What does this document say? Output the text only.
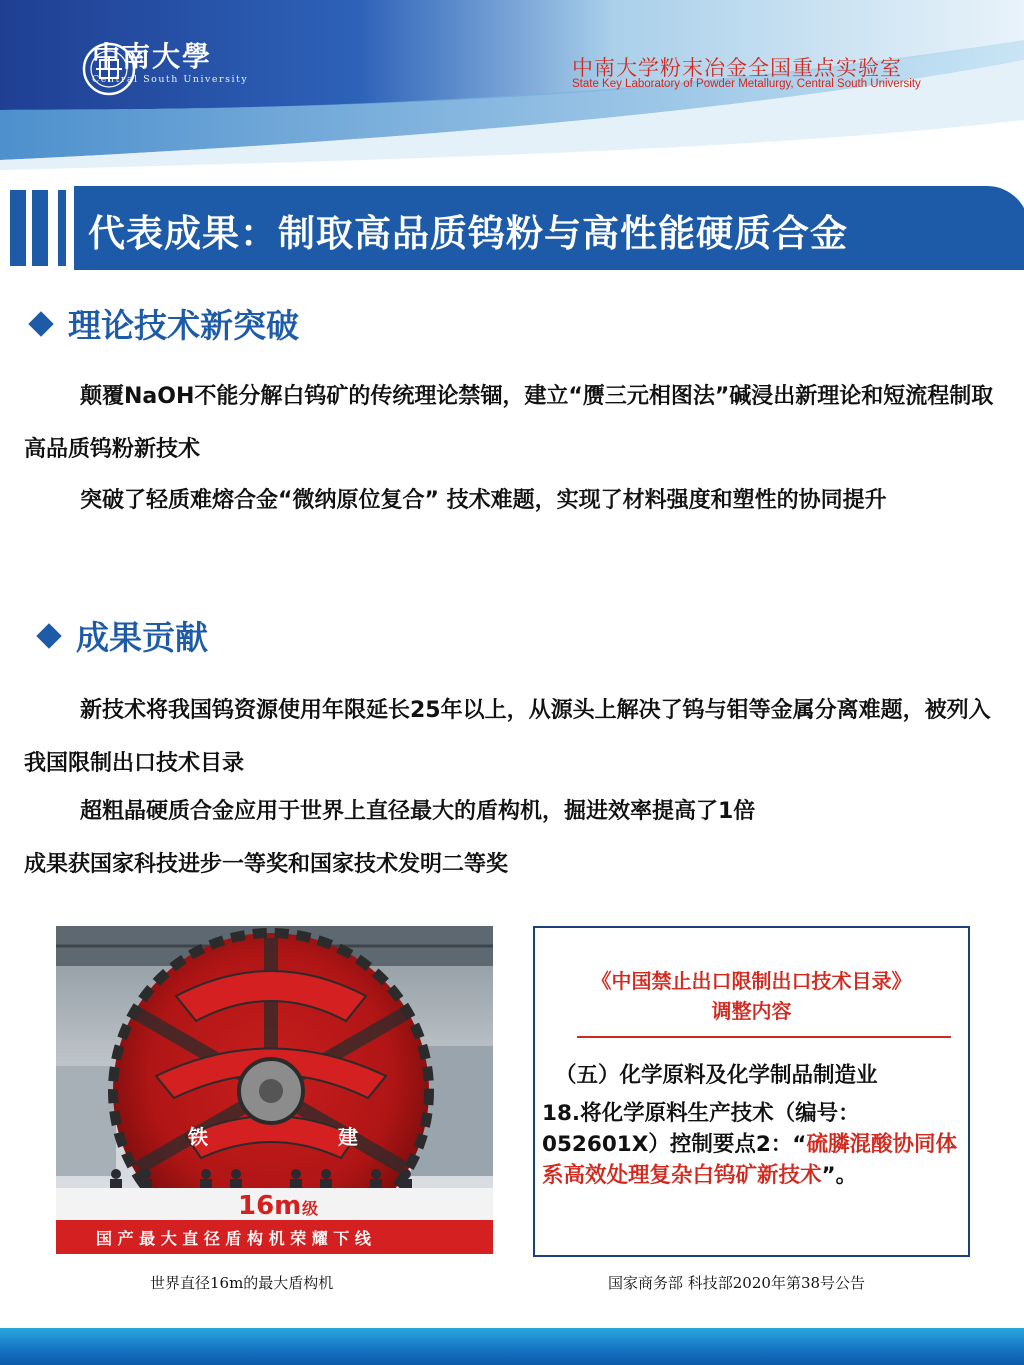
中南大學
Central South University	中南大学粉末冶金全国重点实验室
State Key Laboratory of Powder Metallurgy, Central South University
代表成果：制取高品质钨粉与高性能硬质合金
理论技术新突破
颠覆NaOH不能分解白钨矿的传统理论禁锢，建立“赝三元相图法”碱浸出新理论和短流程制取高品质钨粉新技术
突破了轻质难熔合金“微纳原位复合” 技术难题，实现了材料强度和塑性的协同提升
成果贡献
新技术将我国钨资源使用年限延长25年以上，从源头上解决了钨与钼等金属分离难题，被列入我国限制出口技术目录
超粗晶硬质合金应用于世界上直径最大的盾构机，掘进效率提高了1倍
成果获国家科技进步一等奖和国家技术发明二等奖
铁	建
16m 级
国 产 最 大 直 径 盾 构 机 荣 耀 下 线
世界直径16m的最大盾构机
《中国禁止出口限制出口技术目录》
调整内容
（五）化学原料及化学制品制造业
18.将化学原料生产技术（编号：052601X）控制要点2：“硫膦混酸协同体系高效处理复杂白钨矿新技术”。
国家商务部 科技部2020年第38号公告
